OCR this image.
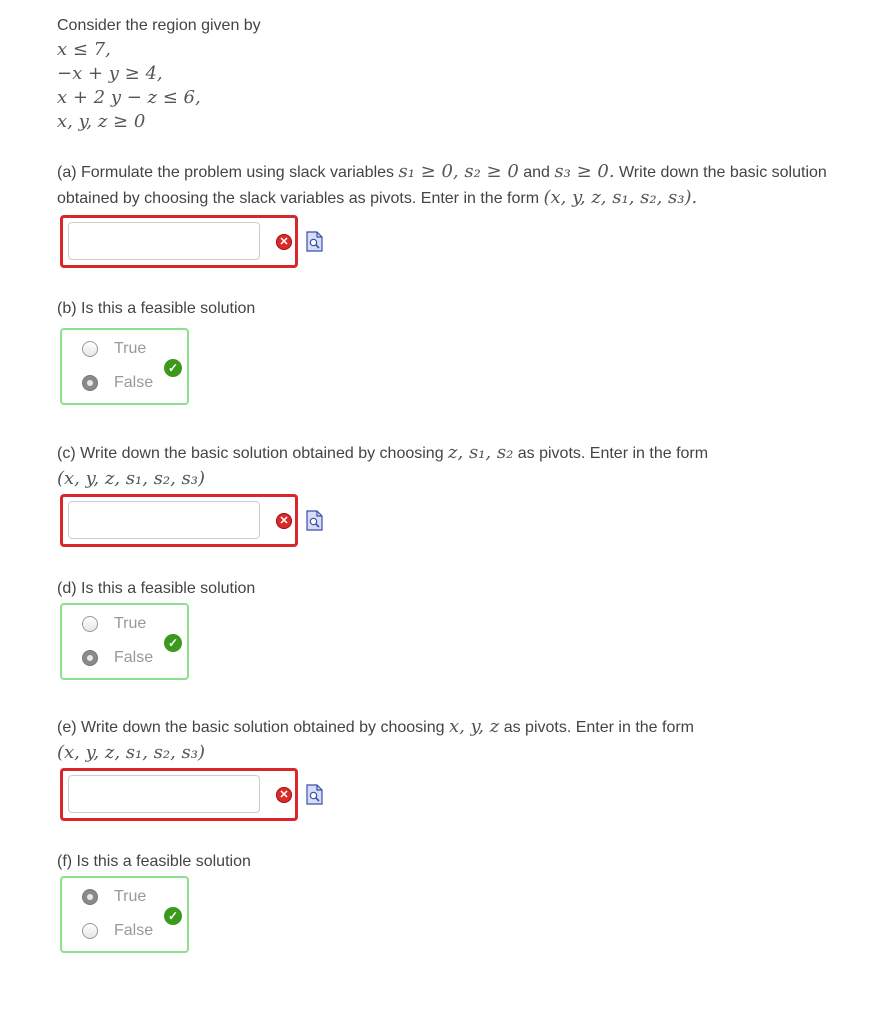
Consider the region given by
x ≤ 7,
−x + y ≥ 4,
x + 2 y − z ≤ 6,
x, y, z ≥ 0
(a) Formulate the problem using slack variables s₁ ≥ 0, s₂ ≥ 0 and s₃ ≥ 0. Write down the basic solution obtained by choosing the slack variables as pivots. Enter in the form (x, y, z, s₁, s₂, s₃).
✕
(b) Is this a feasible solution
True
False
✓
(c) Write down the basic solution obtained by choosing z, s₁, s₂ as pivots. Enter in the form
(x, y, z, s₁, s₂, s₃)
✕
(d) Is this a feasible solution
True
False
✓
(e) Write down the basic solution obtained by choosing x, y, z as pivots. Enter in the form
(x, y, z, s₁, s₂, s₃)
✕
(f) Is this a feasible solution
True
False
✓
